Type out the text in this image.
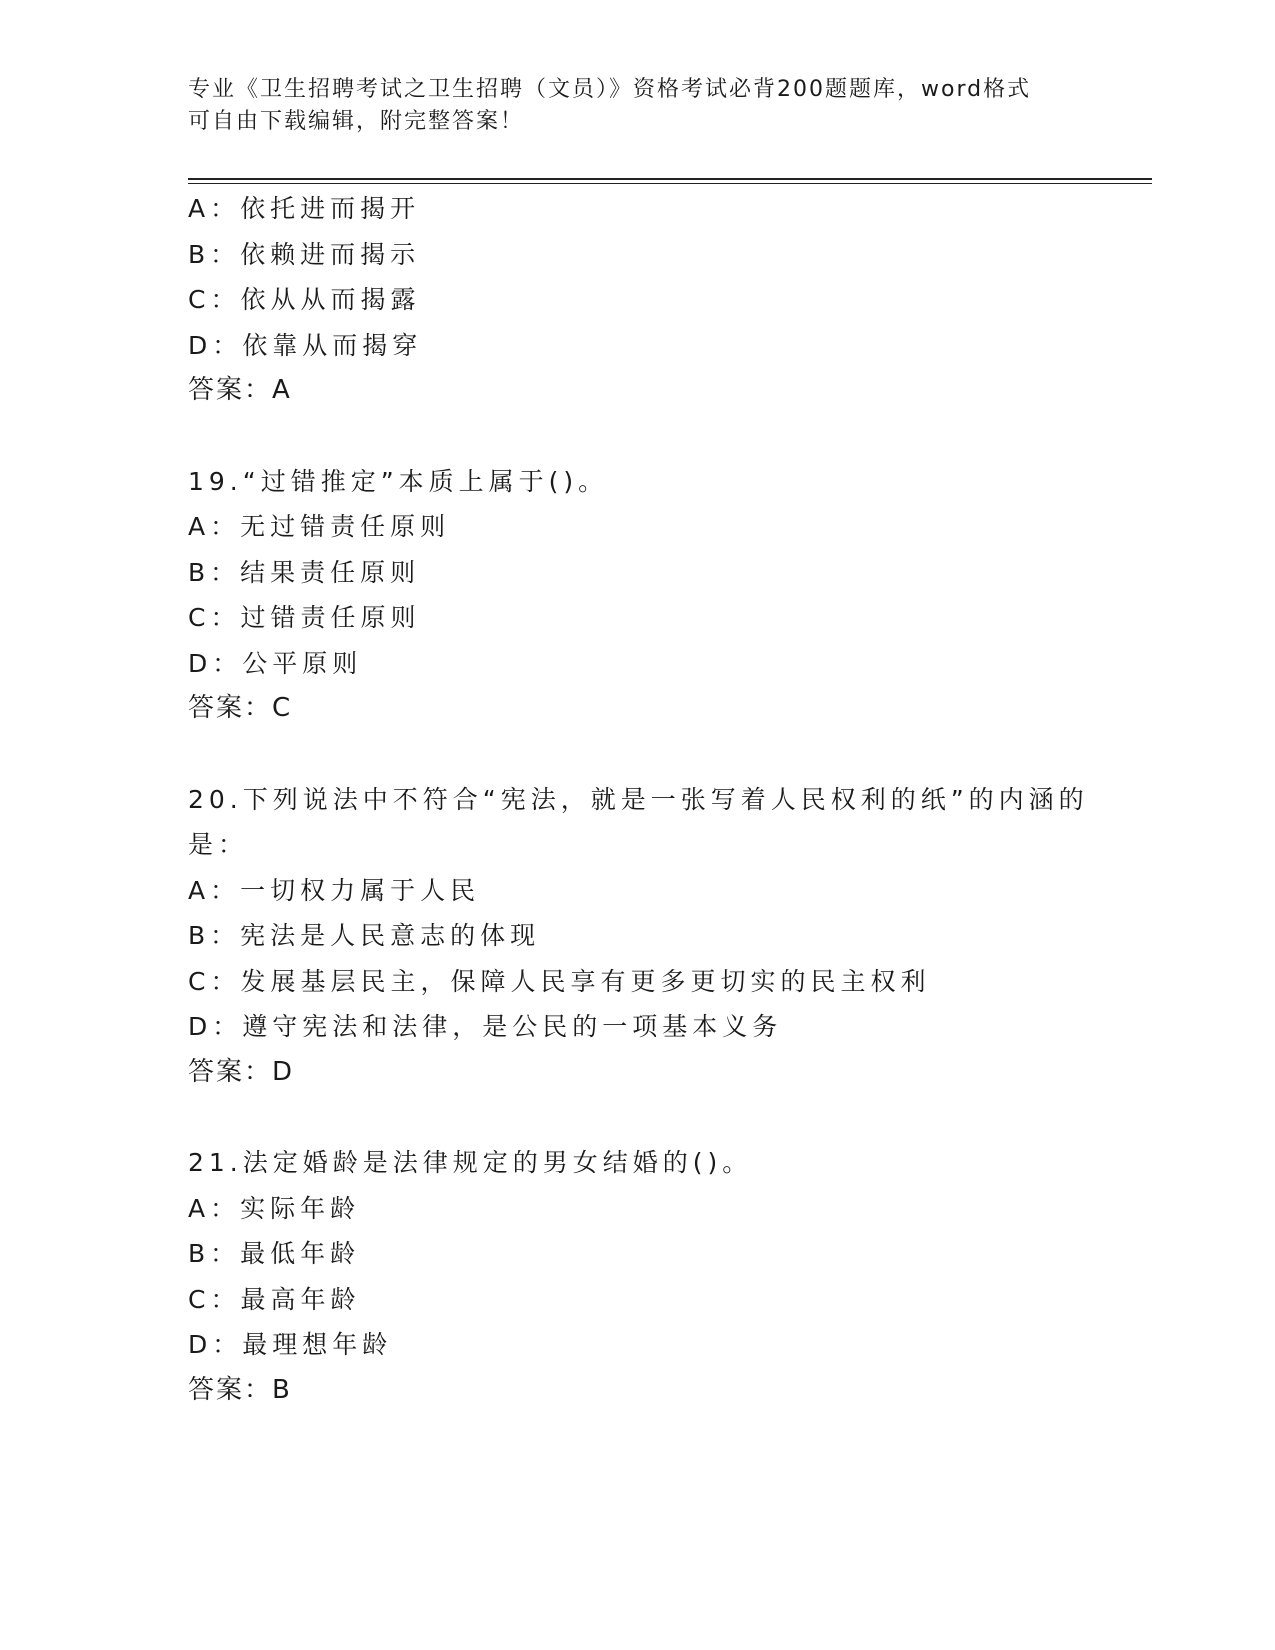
专业《卫生招聘考试之卫生招聘（文员）》资格考试必背200题题库，word格式
可自由下载编辑，附完整答案！
A：依托进而揭开
B：依赖进而揭示
C：依从从而揭露
D：依靠从而揭穿
答案：A
19.“过错推定”本质上属于()。
A：无过错责任原则
B：结果责任原则
C：过错责任原则
D：公平原则
答案：C
20.下列说法中不符合“宪法，就是一张写着人民权利的纸”的内涵的
是：
A：一切权力属于人民
B：宪法是人民意志的体现
C：发展基层民主，保障人民享有更多更切实的民主权利
D：遵守宪法和法律，是公民的一项基本义务
答案：D
21.法定婚龄是法律规定的男女结婚的()。
A：实际年龄
B：最低年龄
C：最高年龄
D：最理想年龄
答案：B
